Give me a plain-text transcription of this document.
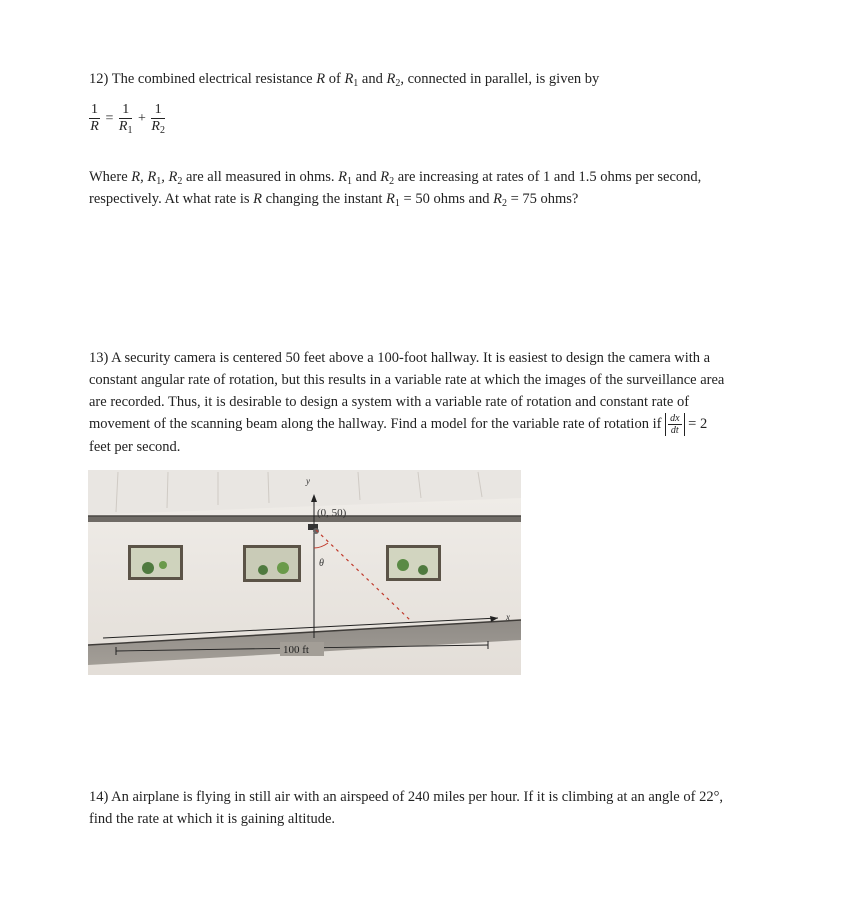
12) The combined electrical resistance R of $R_1$ and $R_2$, connected in parallel, is given by

$\frac{1}{R} = \frac{1}{R_1} + \frac{1}{R_2}$

Where R, $R_1$, $R_2$ are all measured in ohms. $R_1$ and $R_2$ are increasing at rates of 1 and 1.5 ohms per second,
respectively. At what rate is R changing the instant $R_1 = 50$ ohms and $R_2 = 75$ ohms?

13) A security camera is centered 50 feet above a 100-foot hallway. It is easiest to design the camera with a
constant angular rate of rotation, but this results in a variable rate at which the images of the surveillance area
are recorded. Thus, it is desirable to design a system with a variable rate of rotation and constant rate of
movement of the scanning beam along the hallway. Find a model for the variable rate of rotation if $\frac{dx}{dt} = 2$
feet per second.

x
y
(0, 50)
θ
100 ft

14) An airplane is flying in still air with an airspeed of 240 miles per hour. If it is climbing at an angle of 22°,
find the rate at which it is gaining altitude.
